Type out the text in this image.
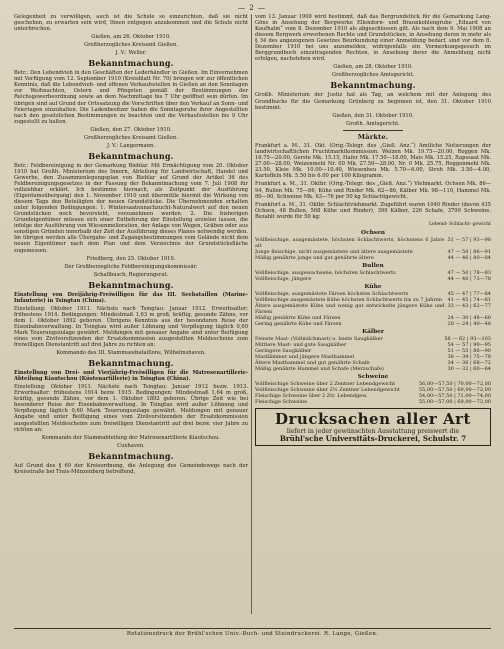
— 2 —

Gelegenheit zu verwilligen, auch ist die Schule so einzurichten, daß sie nicht geschehen, zu erwarten sein wird, Ihnen entgegen anzukommen und die Schule nicht unterbrechen.

Gießen, am 26. Oktober 1910.
Großherzogliches Kreisamt Gießen.
J. V.: Weller.
Bekanntmachung.

Betr.: Den Lebendvieh in den Geschäften der Lederhändler in Gießen. Im Einvernehmen mit Verfügung vom 12. September 1910 (Kreisblatt Nr. 70) bringen wir zur öffentlichen Kenntnis, daß die Lebendvieh- und offenen Verkaufsstellen in Gießen an den Sonntagen vor Weihnachten, Ostern und Pfingsten gemäß der Bestimmungen der Reichsgewerbeordnung sowie an dem Nachmittage bis 7 Uhr geöffnet sein dürfen. Im übrigen sind auf Grund der Ortssatzung die Vorschriften über den Verkauf an Sonn- und Feiertagen einzuhalten. Die Ladenbesitzer haben die Sonntagsruhe ihrer Angestellten nach den gesetzlichen Bestimmungen zu beachten und die Verkaufsstellen bis 9 Uhr zugestellt zu halten.

Gießen, den 27. Oktober 1910.
Großherzogliches Kreisamt Gießen.
J. V.: Langermann.
Bekanntmachung.

Betr.: Feldbereinigung in der Gemarkung Bieblar. Mit Ermächtigung vom 20. Oktober 1910 hat Großh. Ministerium des Innern, Abteilung für Landwirtschaft, Handel und Gewerbe, den Zusammenlegungsplan von Bieblar auf Grund der Artikel 36 des Feldbereinigungsgesetzes in der Fassung der Bekanntmachung vom 7. Juli 1908 für vollziehbar erklärt. Ich bestimme hiernach, als Zeitpunkt der Ausführung (Eigentumsübergang) den 1. November 1910 und übermittle hiermit die Wirkung von diesem Tage den Beteiligten der neuen Grundstücke. Die Übernehmenden erhalten unter folgenden Bedingungen: 1. Wintersaatennachzucht-Naturalwert auf den neuen Grundstücken noch bevorsteht, vorzunehmen werden. 2. Die bisherigen Grundeigentümer müssen sich einer Entbehrung der Einstellung erzielen lassen, die infolge der Ausführung von Wiesenmelioration, der Anlage von Wegen, Gräben oder aus sonstigen Gründen innerhalb der Zeit der Ausführung dieses Planes notwendig werden. Im übrigen werden alle Übergabe- und Zugangsbestimmungen vom Gelände nicht dem neuen Eigentümer nach dem Plan und dem Verzeichnis der Grundstücksfläche zugemessen.

Friedberg, den 25. Oktober 1910.
Der Großherzogliche Feldbereinigungskommissär:
Schallbusch, Regierungsrat.
Bekanntmachung.

Einstellung von Dreijährig-Freiwilligen für das III. Seebataillon (Marine-Infanterie) in Tsingtau (China).

Einstellung: Oktober 1911. Nächste nach Tsingtau: Januar 1912. Erwerbsalter: frühestens 1914. Bedingungen: Mindestmaß 1,63 m groß, kräftig, gesunde Zähne, vor dem 1. Oktober 1892 geboren. Übrigens Kenntnis aus der besonderen Reise der Eisenbahnverwaltung. In Tsingtau wird außer Löhnung und Verpflegung täglich 0,60 Mark Teuerungszulage gewährt. Meldungen mit genauer Angabe sind unter Beifügung eines vom Zivilvorsitzenden der Ersatzkommission ausgestellten Meldescheins zum freiwilligen Dienstantritt auf drei Jahre zu richten an:

Kommando des III. Stammseebataillons, Wilhelmshaven.
Bekanntmachung.

Einstellung von Drei- und Vierjährig-Freiwilligen für die Matrosenartillerie-Abteilung Kiautschou (Küstenartillerie) in Tsingtau (China).

Einstellung: Oktober 1911. Nächste nach Tsingtau: Januar 1912 bezw. 1913. Erwerbsalter: frühestens 1914 bezw. 1915. Bedingungen: Mindestmaß 1,64 m groß, kräftig, gesunde Zähne, vor dem 1. Oktober 1892 geboren. Übrige Zeit wie bei besonderer Reise der Eisenbahnverwaltung. In Tsingtau wird außer Löhnung und Verpflegung täglich 0,60 Mark Teuerungszulage gewährt. Meldungen mit genauer Angabe sind unter Beifügung eines vom Zivilvorsitzenden der Ersatzkommission ausgestellten Meldescheins zum freiwilligen Dienstantritt auf drei bezw. vier Jahre zu richten an:

Kommando der Stammabteilung der Matrosenartillerie Kiautschou.
Cuxhaven.
Bekanntmachung.

Auf Grund des § 69 der Kreisordnung, die Anlegung des Gemeindewegs nach der Kreisstraße bei Trais-Münzenberg betreffend,

vom 13. Januar 1900 wird bestimmt, daß das Bergrundstück für die Gemarkung Lang-Göns in Ansehung der Bergwerke Ellendorn- und Braunkohlengrube „Eduard von Kaufhalm“ vom 8. Dezember 1910 als abgeschlossen gilt. Als nach dem 9. Mai 1908 an diesem Bergwerk erworbenen Rechte und Grundstücken, in Ansehung deren in mehr als § 34 des angezogenen Gesetzes Beurkundung einer Anmeldung bedarf, sind vor dem 8. Dezember 1910 bei uns anzumelden, widrigenfalls ein Vormerkungsgesuch im Berggrundbuch einzutragenden Rechten, in Ansehung derer die Anmeldung nicht erfolgen, nachstehen wird.

Gießen, am 28. Oktober 1910.
Großherzogliches Amtsgericht.
Bekanntmachung.

Großh. Ministerium der Justiz hat als Tag, an welchem mit der Anlegung des Grundbuchs für die Gemarkung Grünberg zu beginnen ist, den 31. Oktober 1910 bestimmt.

Gießen, den 31. Oktober 1910.
Großh. Amtsgericht.
Märkte.

Frankfurt a. M., 31. Okt. (Orig.-Telegr. des „Gieß. Anz.“) Amtliche Notierungen der landwirtschaftlichen Fruchtmarktkommission. Weizen Mk. 19.75—20.00, Roggen Mk. 16.75—20.00, Gerste Mk. 15.15, Hafer Mk. 17.50—18.00, Mais Mk. 15.25, Rapssaat Mk. 27.00—28.00, Weizenmehl Nr. 00 Mk. 27.50—28.00, Nr. 0 Mk. 25.75, Roggenmehl Mk. 23.50, Kleie Mk. 10.00—10.40, Wiesenheu Mk. 5.70—6.00, Stroh Mk. 3.50—4.00, Kartoffeln Mk. 5.50 bis 6.00 per 100 Kilogramm.

Frankfurt a. M., 31. Oktbr. (Orig.-Telegr. des „Gieß. Anz.“) Viehmarkt. Ochsen Mk. 86—94, Bullen Mk. 75—86, Kühe und Rinder Mk. 62—86, Kälber Mk. 98—110, Hammel Mk. 80—90, Schweine Mk. 63—76 per 50 kg Schlachtgewicht.

Frankfurt a. M., 31. Oktbr. Schlachtviehmarkt. Zugeführt waren 1040 Rinder (davon 435 Ochsen, 48 Bullen, 568 Kühe und Rinder), 399 Kälber, 226 Schafe, 3799 Schweine. Bezahlt wurde für 50 kg:

Lebend- Schlacht- gewicht
Ochsen
Vollfleischige, ausgemästete, höchsten Schlachtwerts, höchstens 6 Jahre alt	51 — 57 | 93—98
Junge fleischige, nicht ausgemästete und ältere ausgemästete	47 — 50 | 86—91
Mäßig genährte junge und gut genährte ältere	44 — 46 | 80—84
Bullen
Vollfleischige, ausgewachsene, höchsten Schlachtwerts	47 — 50 | 78—83
Vollfleischige, jüngere	44 — 46 | 73—78
Kühe
Vollfleischige, ausgemästete Färsen höchsten Schlachtwerts	45 — 47 | 77—84
Vollfleischige ausgemästete Kühe höchsten Schlachtwerts bis zu 7 Jahren	41 — 45 | 74—81
Ältere ausgemästete Kühe und wenig gut entwickelte jüngere Kühe und Färsen	33 — 43 | 62—77
Mäßig genährte Kühe und Färsen	24 — 30 | 48—60
Gering genährte Kühe und Färsen	20 — 24 | 40—48
Kälber
Feinste Mast- (Vollmilchmast) u. beste Saugkälber	56 — 62 | 93—103
Mittlere Mast- und gute Saugkälber	54 — 57 | 90—95
Geringere Saugkälber	51 — 55 | 86—90
Mastlämmer und jüngere Masthammel	38 — 39 | 75—78
Ältere Masthammel und gut genährte Schafe	34 — 36 | 68—72
Mäßig genährte Hammel und Schafe (Merzschafe)	30 — 32 | 60—64
Schweine
Vollfleischige Schweine über 2 Zentner Lebendgewicht	56,00—57,50 | 70,00—72,00
Vollfleischige Schweine über 2½ Zentner Lebendgewicht	55,00—57,50 | 69,00—72,00
Fleischige Schweine über 2 Ztr. Lebendgew.	54,00—57,50 | 71,00—74,00
Fleischige Schweine	55,00—57,00 | 69,00—72,00
Drucksachen aller Art
liefert in jeder gewünschten Ausstattung preiswert die
Brühl'sche Universitäts-Druckerei, Schulstr. 7
Rotationsdruck der Brühl'schen Univ.-Buch- und Steindruckerei. R. Lange, Gießen.
